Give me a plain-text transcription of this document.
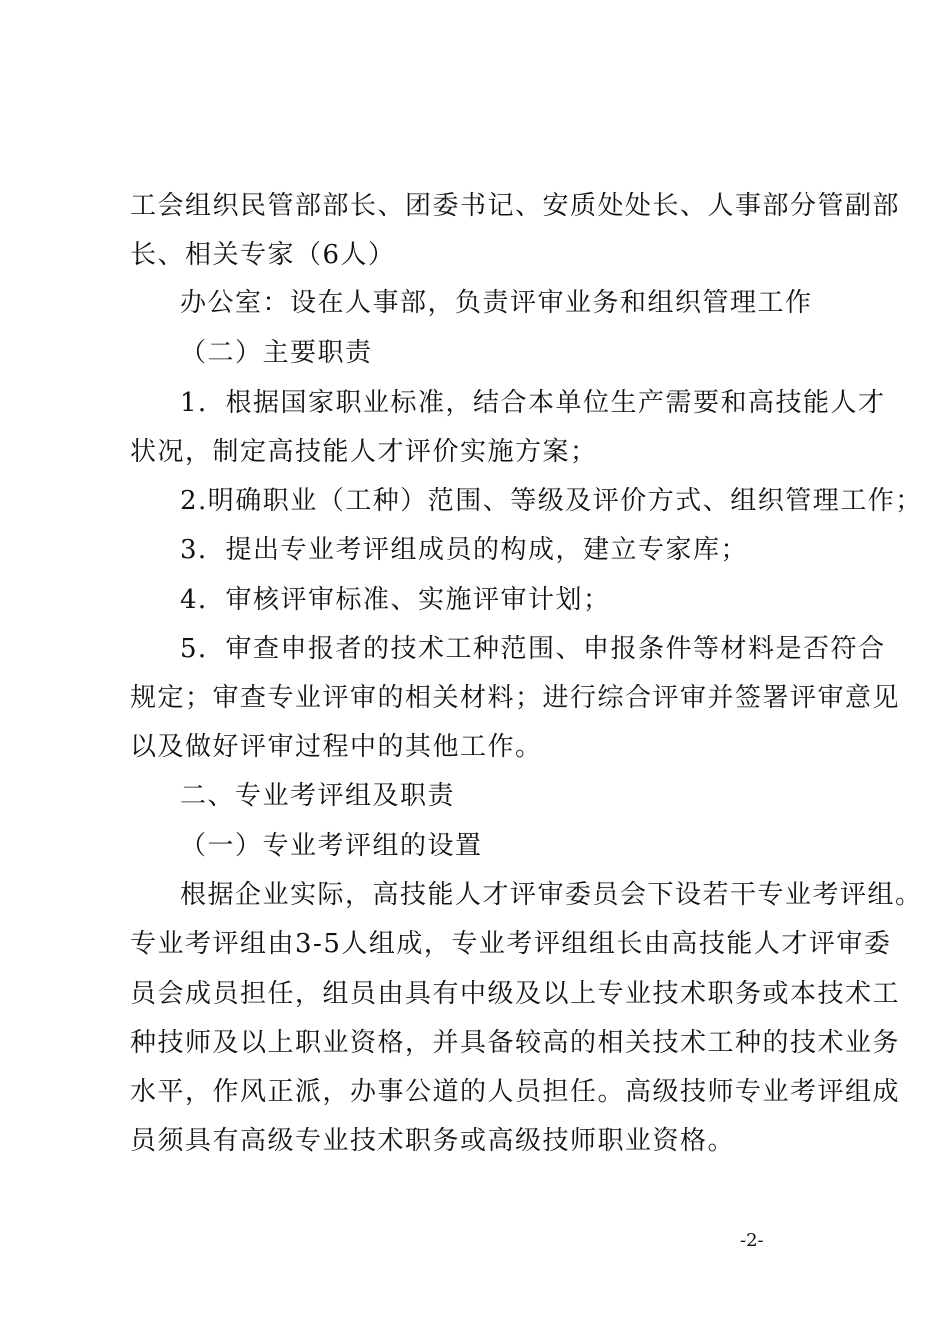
工会组织民管部部长、团委书记、安质处处长、人事部分管副部
长、相关专家（6人）
办公室：设在人事部，负责评审业务和组织管理工作
（二）主要职责
1．根据国家职业标准，结合本单位生产需要和高技能人才
状况，制定高技能人才评价实施方案；
2.明确职业（工种）范围、等级及评价方式、组织管理工作；
3．提出专业考评组成员的构成，建立专家库；
4．审核评审标准、实施评审计划；
5．审查申报者的技术工种范围、申报条件等材料是否符合
规定；审查专业评审的相关材料；进行综合评审并签署评审意见
以及做好评审过程中的其他工作。
二、专业考评组及职责
（一）专业考评组的设置
根据企业实际，高技能人才评审委员会下设若干专业考评组。
专业考评组由3-5人组成，专业考评组组长由高技能人才评审委
员会成员担任，组员由具有中级及以上专业技术职务或本技术工
种技师及以上职业资格，并具备较高的相关技术工种的技术业务
水平，作风正派，办事公道的人员担任。高级技师专业考评组成
员须具有高级专业技术职务或高级技师职业资格。
-2-
